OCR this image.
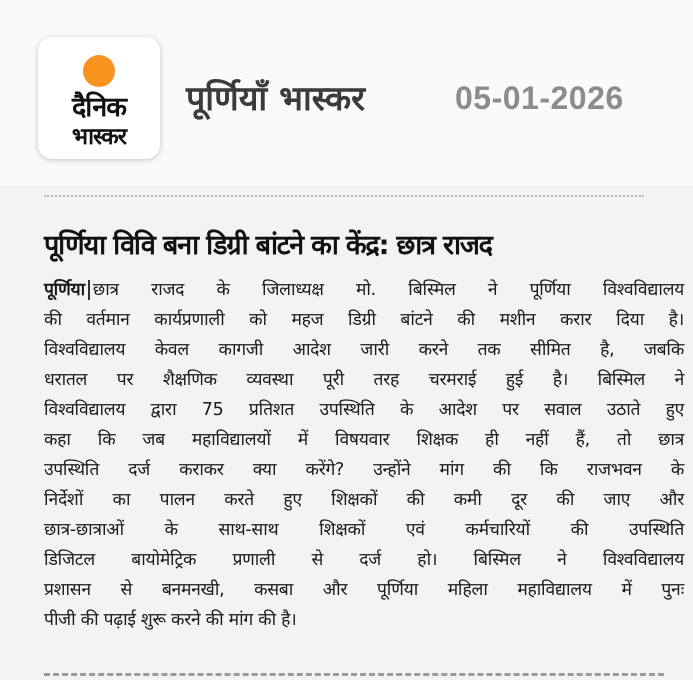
दैनिक
भास्कर
पूर्णियाँ भास्कर	05-01-2026
पूर्णिया विवि बना डिग्री बांटने का केंद्र: छात्र राजद
पूर्णिया छात्र राजद के जिलाध्यक्ष मो. बिस्मिल ने पूर्णिया विश्वविद्यालय
की वर्तमान कार्यप्रणाली को महज डिग्री बांटने की मशीन करार दिया है।
विश्वविद्यालय केवल कागजी आदेश जारी करने तक सीमित है, जबकि
धरातल पर शैक्षणिक व्यवस्था पूरी तरह चरमराई हुई है। बिस्मिल ने
विश्वविद्यालय द्वारा 75 प्रतिशत उपस्थिति के आदेश पर सवाल उठाते हुए
कहा कि जब महाविद्यालयों में विषयवार शिक्षक ही नहीं हैं, तो छात्र
उपस्थिति दर्ज कराकर क्या करेंगे? उन्होंने मांग की कि राजभवन के
निर्देशों का पालन करते हुए शिक्षकों की कमी दूर की जाए और
छात्र-छात्राओं के साथ-साथ शिक्षकों एवं कर्मचारियों की उपस्थिति
डिजिटल बायोमेट्रिक प्रणाली से दर्ज हो। बिस्मिल ने विश्वविद्यालय
प्रशासन से बनमनखी, कसबा और पूर्णिया महिला महाविद्यालय में पुनः
पीजी की पढ़ाई शुरू करने की मांग की है।
